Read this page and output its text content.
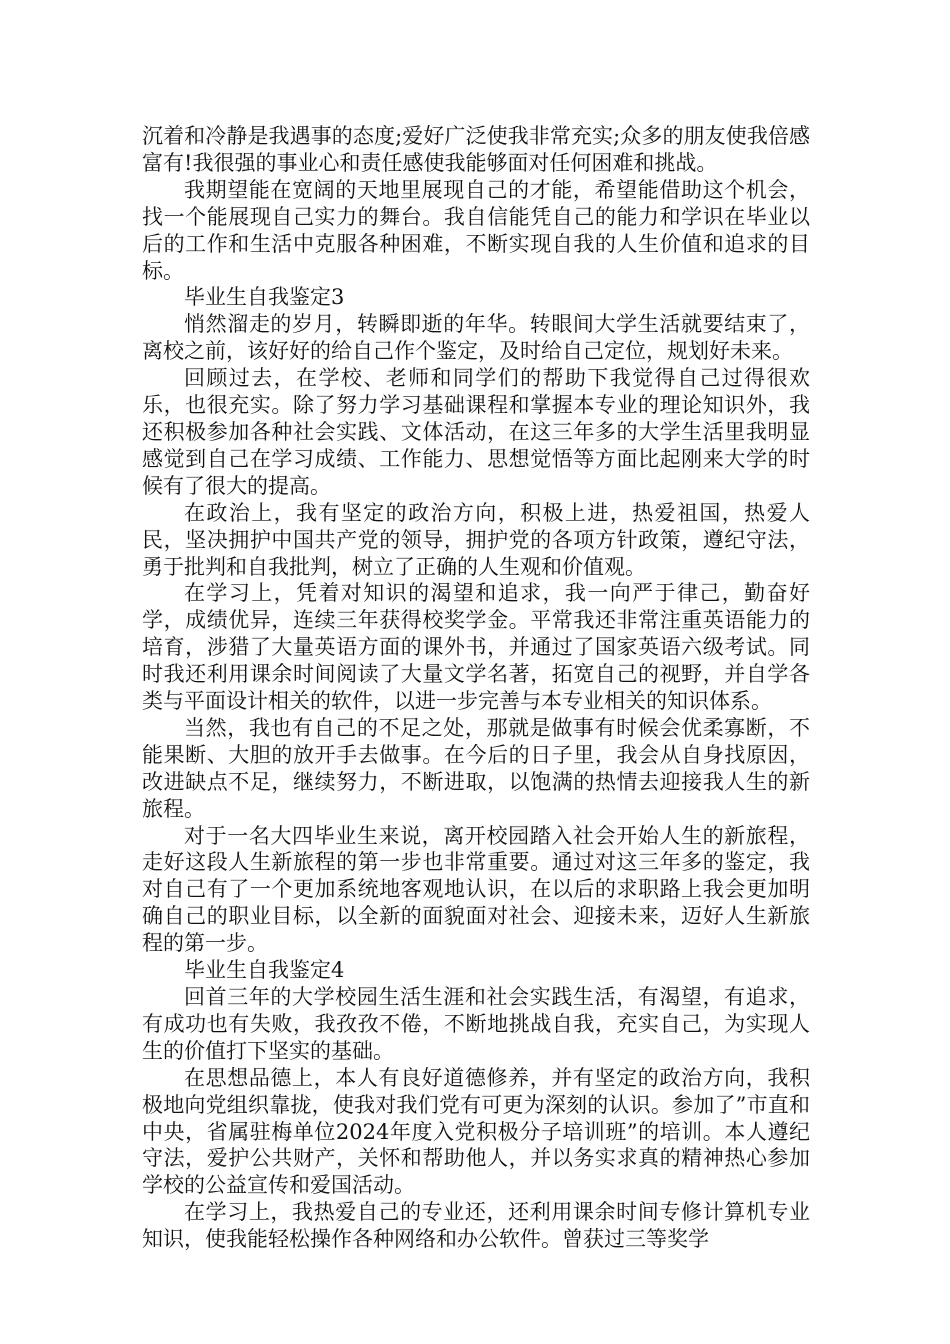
沉着和冷静是我遇事的态度;爱好广泛使我非常充实;众多的朋友使我倍感富有!我很强的事业心和责任感使我能够面对任何困难和挑战。

我期望能在宽阔的天地里展现自己的才能，希望能借助这个机会，找一个能展现自己实力的舞台。我自信能凭自己的能力和学识在毕业以后的工作和生活中克服各种困难，不断实现自我的人生价值和追求的目标。

毕业生自我鉴定3

悄然溜走的岁月，转瞬即逝的年华。转眼间大学生活就要结束了，离校之前，该好好的给自己作个鉴定，及时给自己定位，规划好未来。

回顾过去，在学校、老师和同学们的帮助下我觉得自己过得很欢乐，也很充实。除了努力学习基础课程和掌握本专业的理论知识外，我还积极参加各种社会实践、文体活动，在这三年多的大学生活里我明显感觉到自己在学习成绩、工作能力、思想觉悟等方面比起刚来大学的时候有了很大的提高。

在政治上，我有坚定的政治方向，积极上进，热爱祖国，热爱人民，坚决拥护中国共产党的领导，拥护党的各项方针政策，遵纪守法，勇于批判和自我批判，树立了正确的人生观和价值观。

在学习上，凭着对知识的渴望和追求，我一向严于律己，勤奋好学，成绩优异，连续三年获得校奖学金。平常我还非常注重英语能力的培育，涉猎了大量英语方面的课外书，并通过了国家英语六级考试。同时我还利用课余时间阅读了大量文学名著，拓宽自己的视野，并自学各类与平面设计相关的软件，以进一步完善与本专业相关的知识体系。

当然，我也有自己的不足之处，那就是做事有时候会优柔寡断，不能果断、大胆的放开手去做事。在今后的日子里，我会从自身找原因，改进缺点不足，继续努力，不断进取，以饱满的热情去迎接我人生的新旅程。

对于一名大四毕业生来说，离开校园踏入社会开始人生的新旅程，走好这段人生新旅程的第一步也非常重要。通过对这三年多的鉴定，我对自己有了一个更加系统地客观地认识，在以后的求职路上我会更加明确自己的职业目标，以全新的面貌面对社会、迎接未来，迈好人生新旅程的第一步。

毕业生自我鉴定4

回首三年的大学校园生活生涯和社会实践生活，有渴望，有追求，有成功也有失败，我孜孜不倦，不断地挑战自我，充实自己，为实现人生的价值打下坚实的基础。

在思想品德上，本人有良好道德修养，并有坚定的政治方向，我积极地向党组织靠拢，使我对我们党有可更为深刻的认识。参加了”市直和中央，省属驻梅单位2024年度入党积极分子培训班”的培训。本人遵纪守法，爱护公共财产，关怀和帮助他人，并以务实求真的精神热心参加学校的公益宣传和爱国活动。

在学习上，我热爱自己的专业还，还利用课余时间专修计算机专业知识，使我能轻松操作各种网络和办公软件。曾获过三等奖学
